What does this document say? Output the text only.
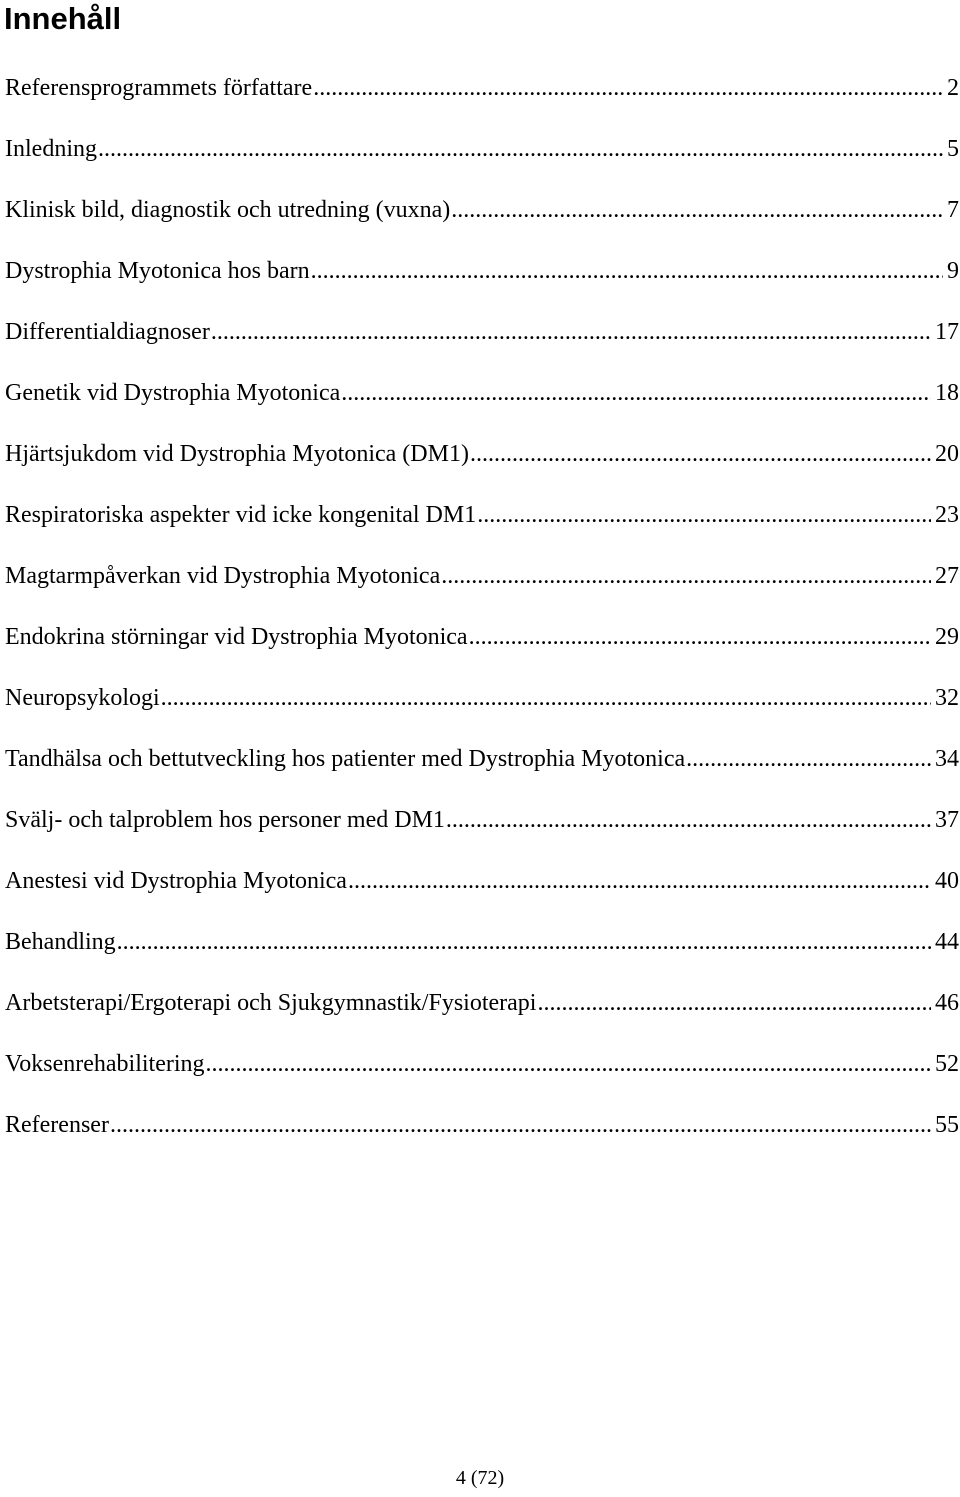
Innehåll
Referensprogrammets författare .....	2
Inledning .....	5
Klinisk bild, diagnostik och utredning (vuxna) .....	7
Dystrophia Myotonica hos barn .....	9
Differentialdiagnoser .....	17
Genetik vid Dystrophia Myotonica .....	18
Hjärtsjukdom vid Dystrophia Myotonica (DM1) .....	20
Respiratoriska aspekter vid icke kongenital DM1 .....	23
Magtarmpåverkan vid Dystrophia Myotonica .....	27
Endokrina störningar vid Dystrophia Myotonica .....	29
Neuropsykologi .....	32
Tandhälsa och bettutveckling hos patienter med Dystrophia Myotonica .....	34
Svälj- och talproblem hos personer med DM1 .....	37
Anestesi vid Dystrophia Myotonica .....	40
Behandling .....	44
Arbetsterapi/Ergoterapi och Sjukgymnastik/Fysioterapi .....	46
Voksenrehabilitering .....	52
Referenser .....	55
4 (72)
